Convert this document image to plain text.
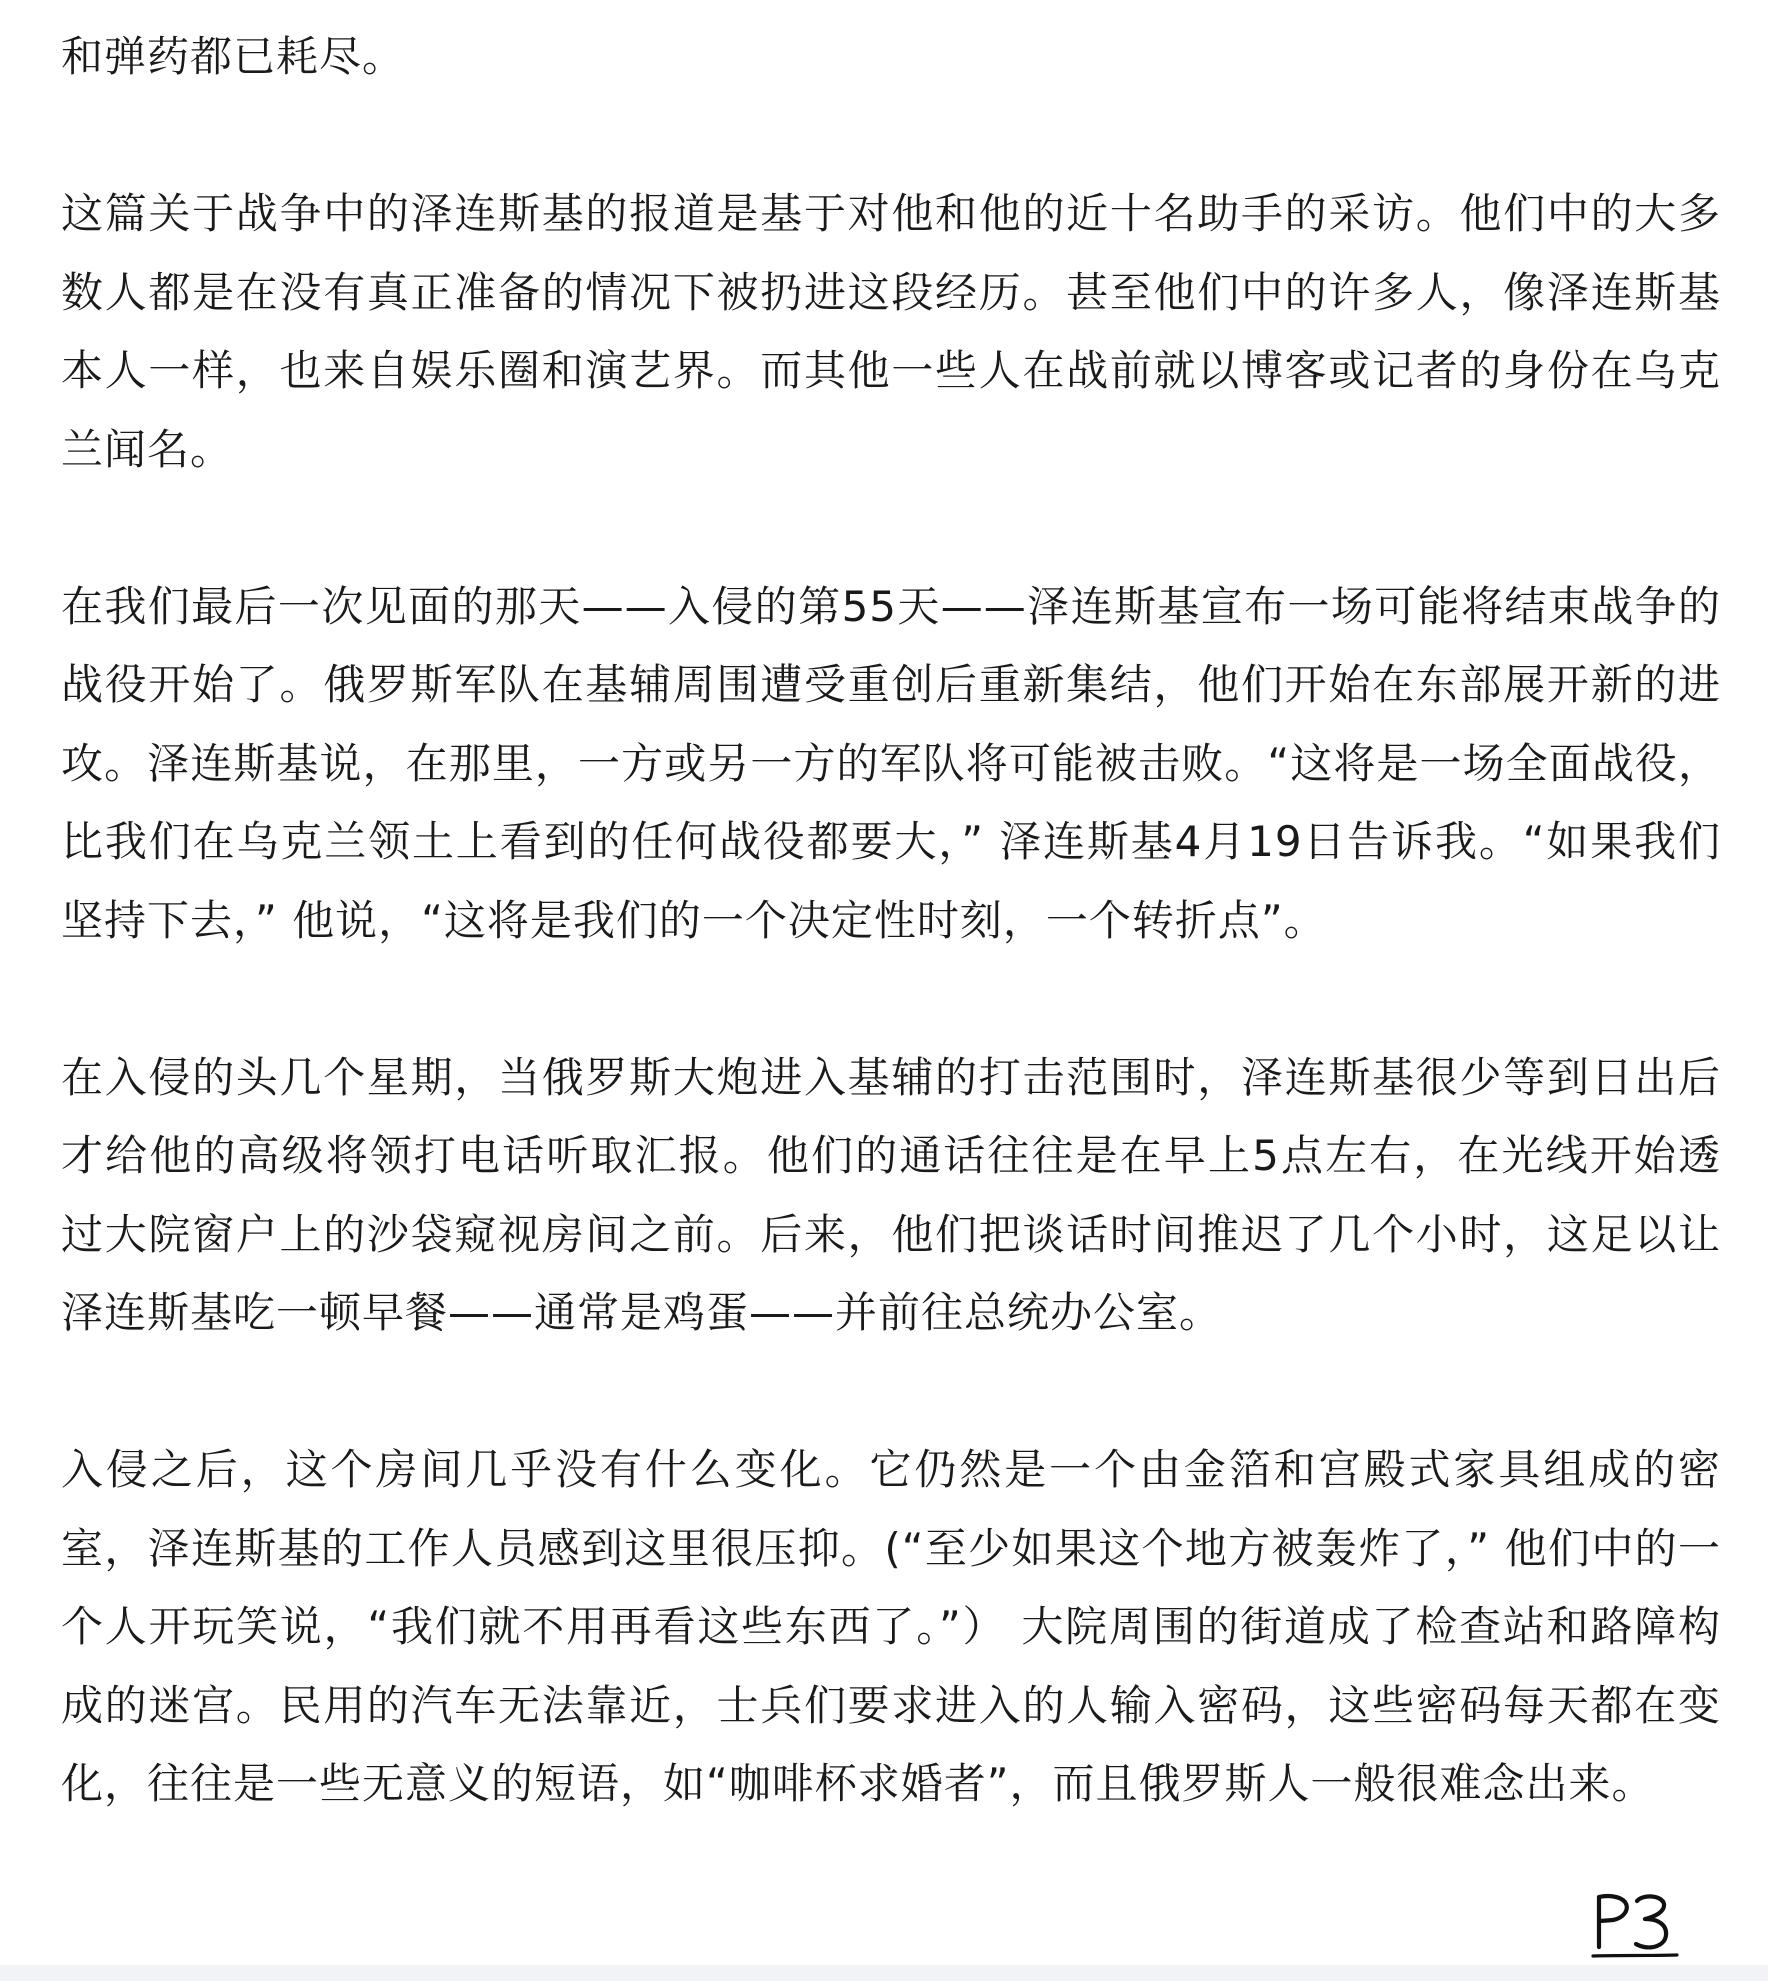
和弹药都已耗尽。

这篇关于战争中的泽连斯基的报道是基于对他和他的近十名助手的采访。他们中的大多数人都是在没有真正准备的情况下被扔进这段经历。甚至他们中的许多人，像泽连斯基本人一样，也来自娱乐圈和演艺界。而其他一些人在战前就以博客或记者的身份在乌克兰闻名。

在我们最后一次见面的那天——入侵的第55天——泽连斯基宣布一场可能将结束战争的战役开始了。俄罗斯军队在基辅周围遭受重创后重新集结，他们开始在东部展开新的进攻。泽连斯基说，在那里，一方或另一方的军队将可能被击败。“这将是一场全面战役，比我们在乌克兰领土上看到的任何战役都要大，” 泽连斯基4月19日告诉我。“如果我们坚持下去，” 他说，“这将是我们的一个决定性时刻，一个转折点”。

在入侵的头几个星期，当俄罗斯大炮进入基辅的打击范围时，泽连斯基很少等到日出后才给他的高级将领打电话听取汇报。他们的通话往往是在早上5点左右，在光线开始透过大院窗户上的沙袋窥视房间之前。后来，他们把谈话时间推迟了几个小时，这足以让泽连斯基吃一顿早餐——通常是鸡蛋——并前往总统办公室。

入侵之后，这个房间几乎没有什么变化。它仍然是一个由金箔和宫殿式家具组成的密室，泽连斯基的工作人员感到这里很压抑。(“至少如果这个地方被轰炸了，” 他们中的一个人开玩笑说，“我们就不用再看这些东西了。”） 大院周围的街道成了检查站和路障构成的迷宫。民用的汽车无法靠近，士兵们要求进入的人输入密码，这些密码每天都在变化，往往是一些无意义的短语，如“咖啡杯求婚者”，而且俄罗斯人一般很难念出来。
